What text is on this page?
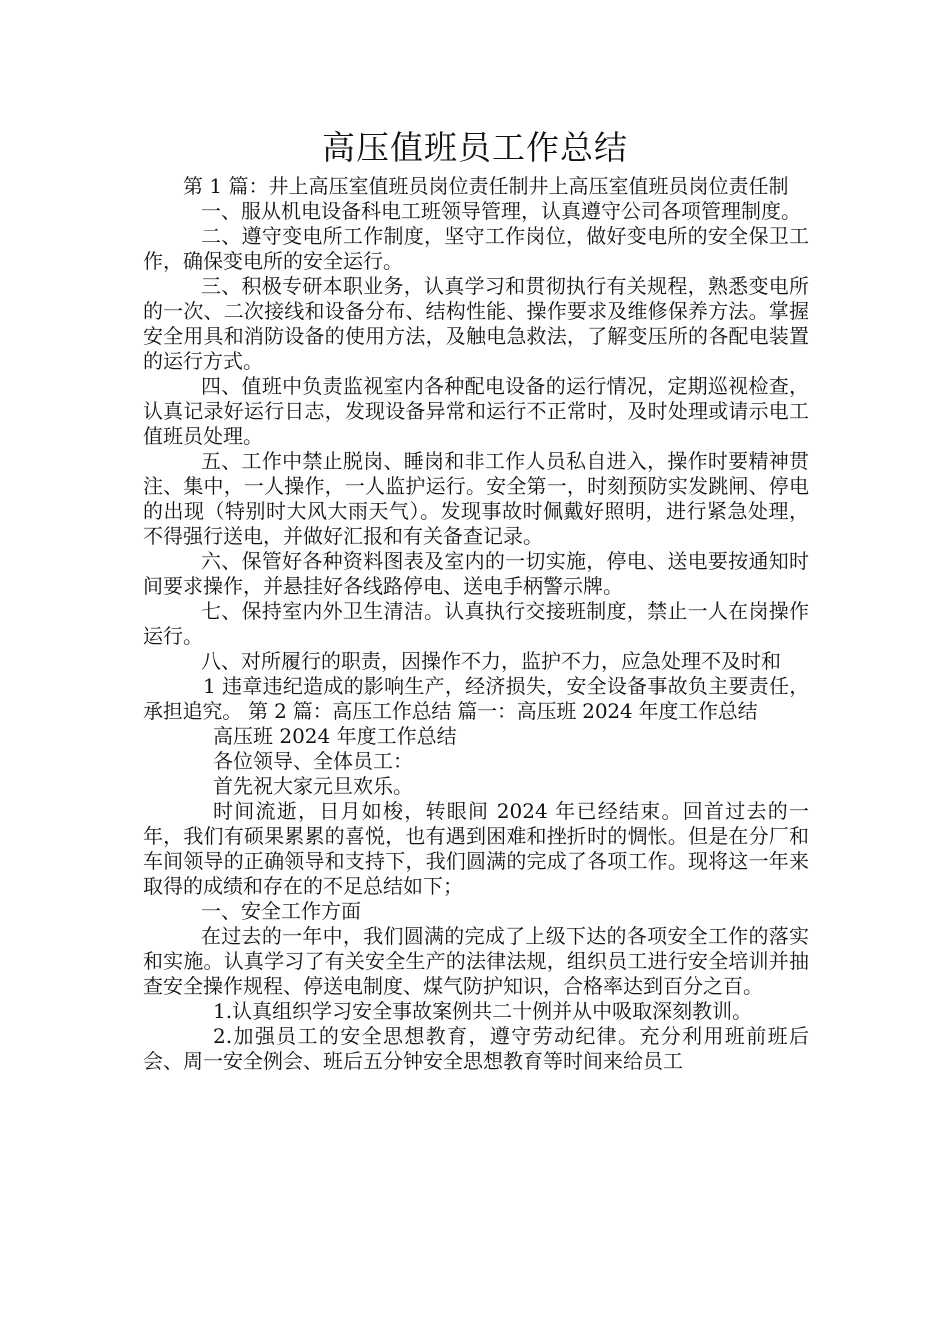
高压值班员工作总结

第 1 篇：井上高压室值班员岗位责任制井上高压室值班员岗位责任制

一、服从机电设备科电工班领导管理，认真遵守公司各项管理制度。

二、遵守变电所工作制度，坚守工作岗位，做好变电所的安全保卫工作，确保变电所的安全运行。

三、积极专研本职业务，认真学习和贯彻执行有关规程，熟悉变电所的一次、二次接线和设备分布、结构性能、操作要求及维修保养方法。掌握安全用具和消防设备的使用方法，及触电急救法，了解变压所的各配电装置的运行方式。

四、值班中负责监视室内各种配电设备的运行情况，定期巡视检查，认真记录好运行日志，发现设备异常和运行不正常时，及时处理或请示电工值班员处理。

五、工作中禁止脱岗、睡岗和非工作人员私自进入，操作时要精神贯注、集中，一人操作，一人监护运行。安全第一，时刻预防实发跳闸、停电的出现（特别时大风大雨天气）。发现事故时佩戴好照明，进行紧急处理，不得强行送电，并做好汇报和有关备查记录。

六、保管好各种资料图表及室内的一切实施，停电、送电要按通知时间要求操作，并悬挂好各线路停电、送电手柄警示牌。

七、保持室内外卫生清洁。认真执行交接班制度，禁止一人在岗操作运行。

八、对所履行的职责，因操作不力，监护不力，应急处理不及时和

1 违章违纪造成的影响生产，经济损失，安全设备事故负主要责任，承担追究。 第 2 篇：高压工作总结 篇一：高压班 2024 年度工作总结

高压班 2024 年度工作总结

各位领导、全体员工：

首先祝大家元旦欢乐。

时间流逝，日月如梭，转眼间 2024 年已经结束。回首过去的一年，我们有硕果累累的喜悦，也有遇到困难和挫折时的惆怅。但是在分厂和车间领导的正确领导和支持下，我们圆满的完成了各项工作。现将这一年来取得的成绩和存在的不足总结如下；

一、安全工作方面

在过去的一年中，我们圆满的完成了上级下达的各项安全工作的落实和实施。认真学习了有关安全生产的法律法规，组织员工进行安全培训并抽查安全操作规程、停送电制度、煤气防护知识，合格率达到百分之百。

1.认真组织学习安全事故案例共二十例并从中吸取深刻教训。

2.加强员工的安全思想教育，遵守劳动纪律。充分利用班前班后会、周一安全例会、班后五分钟安全思想教育等时间来给员工
